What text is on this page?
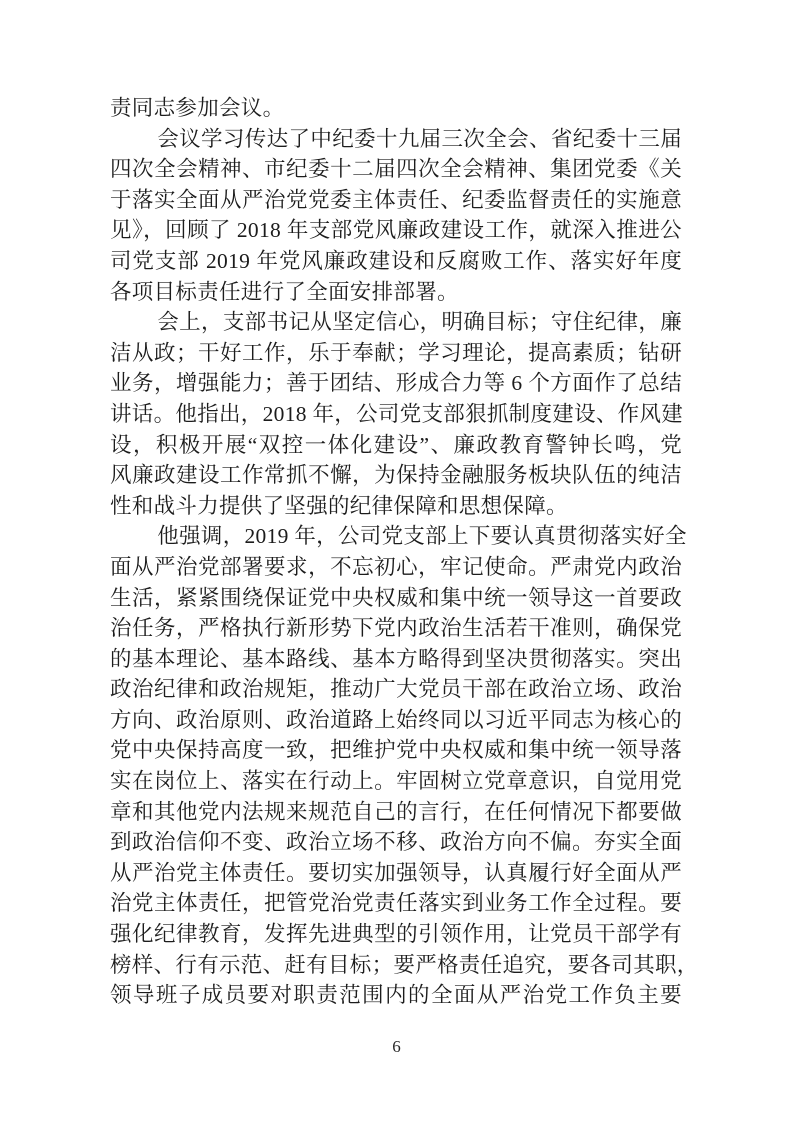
责同志参加会议。
会议学习传达了中纪委十九届三次全会、省纪委十三届
四次全会精神、市纪委十二届四次全会精神、集团党委《关
于落实全面从严治党党委主体责任、纪委监督责任的实施意
见》，回顾了 2018 年支部党风廉政建设工作，就深入推进公
司党支部 2019 年党风廉政建设和反腐败工作、落实好年度
各项目标责任进行了全面安排部署。
会上，支部书记从坚定信心，明确目标；守住纪律，廉
洁从政；干好工作，乐于奉献；学习理论，提高素质；钻研
业务，增强能力；善于团结、形成合力等 6 个方面作了总结
讲话。他指出，2018 年，公司党支部狠抓制度建设、作风建
设，积极开展“双控一体化建设”、廉政教育警钟长鸣，党
风廉政建设工作常抓不懈，为保持金融服务板块队伍的纯洁
性和战斗力提供了坚强的纪律保障和思想保障。
他强调，2019 年，公司党支部上下要认真贯彻落实好全
面从严治党部署要求，不忘初心，牢记使命。严肃党内政治
生活，紧紧围绕保证党中央权威和集中统一领导这一首要政
治任务，严格执行新形势下党内政治生活若干准则，确保党
的基本理论、基本路线、基本方略得到坚决贯彻落实。突出
政治纪律和政治规矩，推动广大党员干部在政治立场、政治
方向、政治原则、政治道路上始终同以习近平同志为核心的
党中央保持高度一致，把维护党中央权威和集中统一领导落
实在岗位上、落实在行动上。牢固树立党章意识，自觉用党
章和其他党内法规来规范自己的言行，在任何情况下都要做
到政治信仰不变、政治立场不移、政治方向不偏。夯实全面
从严治党主体责任。要切实加强领导，认真履行好全面从严
治党主体责任，把管党治党责任落实到业务工作全过程。要
强化纪律教育，发挥先进典型的引领作用，让党员干部学有
榜样、行有示范、赶有目标；要严格责任追究，要各司其职，
领导班子成员要对职责范围内的全面从严治党工作负主要
6
